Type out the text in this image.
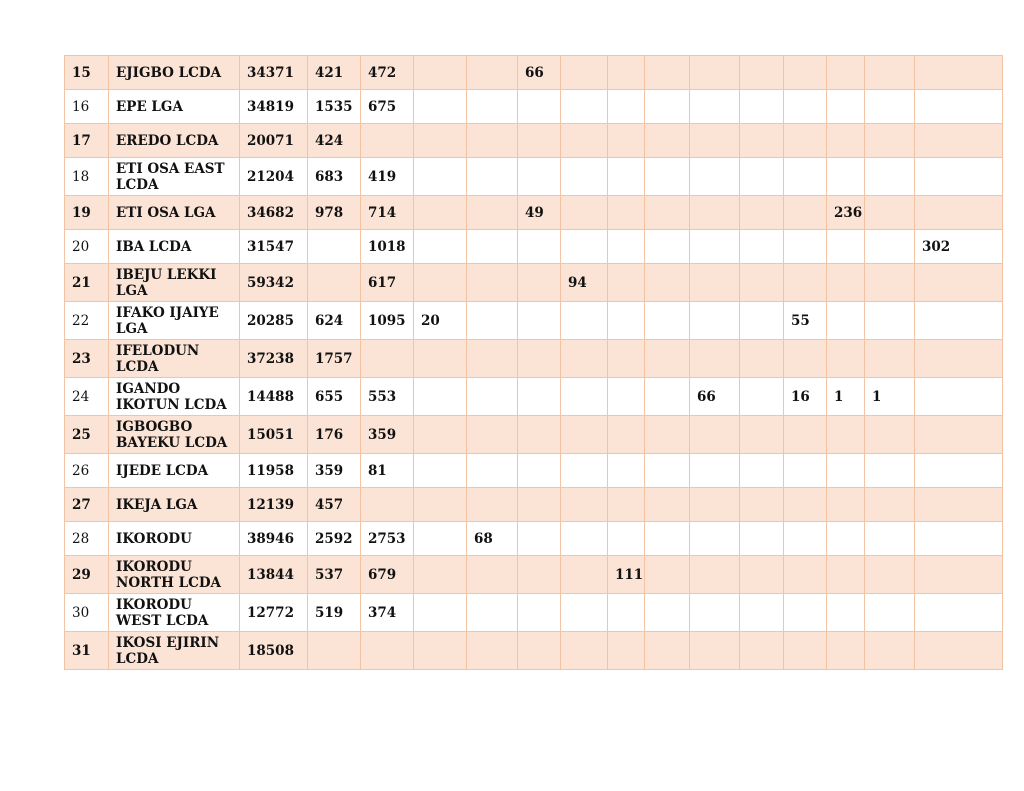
15	EJIGBO LCDA	34371	421	472			66									
16	EPE LGA	34819	1535	675												
17	EREDO LCDA	20071	424													
18	ETI OSA EAST LCDA	21204	683	419												
19	ETI OSA LGA	34682	978	714			49							236		
20	IBA LCDA	31547		1018												302
21	IBEJU LEKKI LGA	59342		617				94								
22	IFAKO IJAIYE LGA	20285	624	1095	20								55			
23	IFELODUN LCDA	37238	1757													
24	IGANDO IKOTUN LCDA	14488	655	553							66		16	1	1	
25	IGBOGBO BAYEKU LCDA	15051	176	359												
26	IJEDE LCDA	11958	359	81												
27	IKEJA LGA	12139	457													
28	IKORODU	38946	2592	2753		68										
29	IKORODU NORTH LCDA	13844	537	679					111							
30	IKORODU WEST LCDA	12772	519	374												
31	IKOSI EJIRIN LCDA	18508														
